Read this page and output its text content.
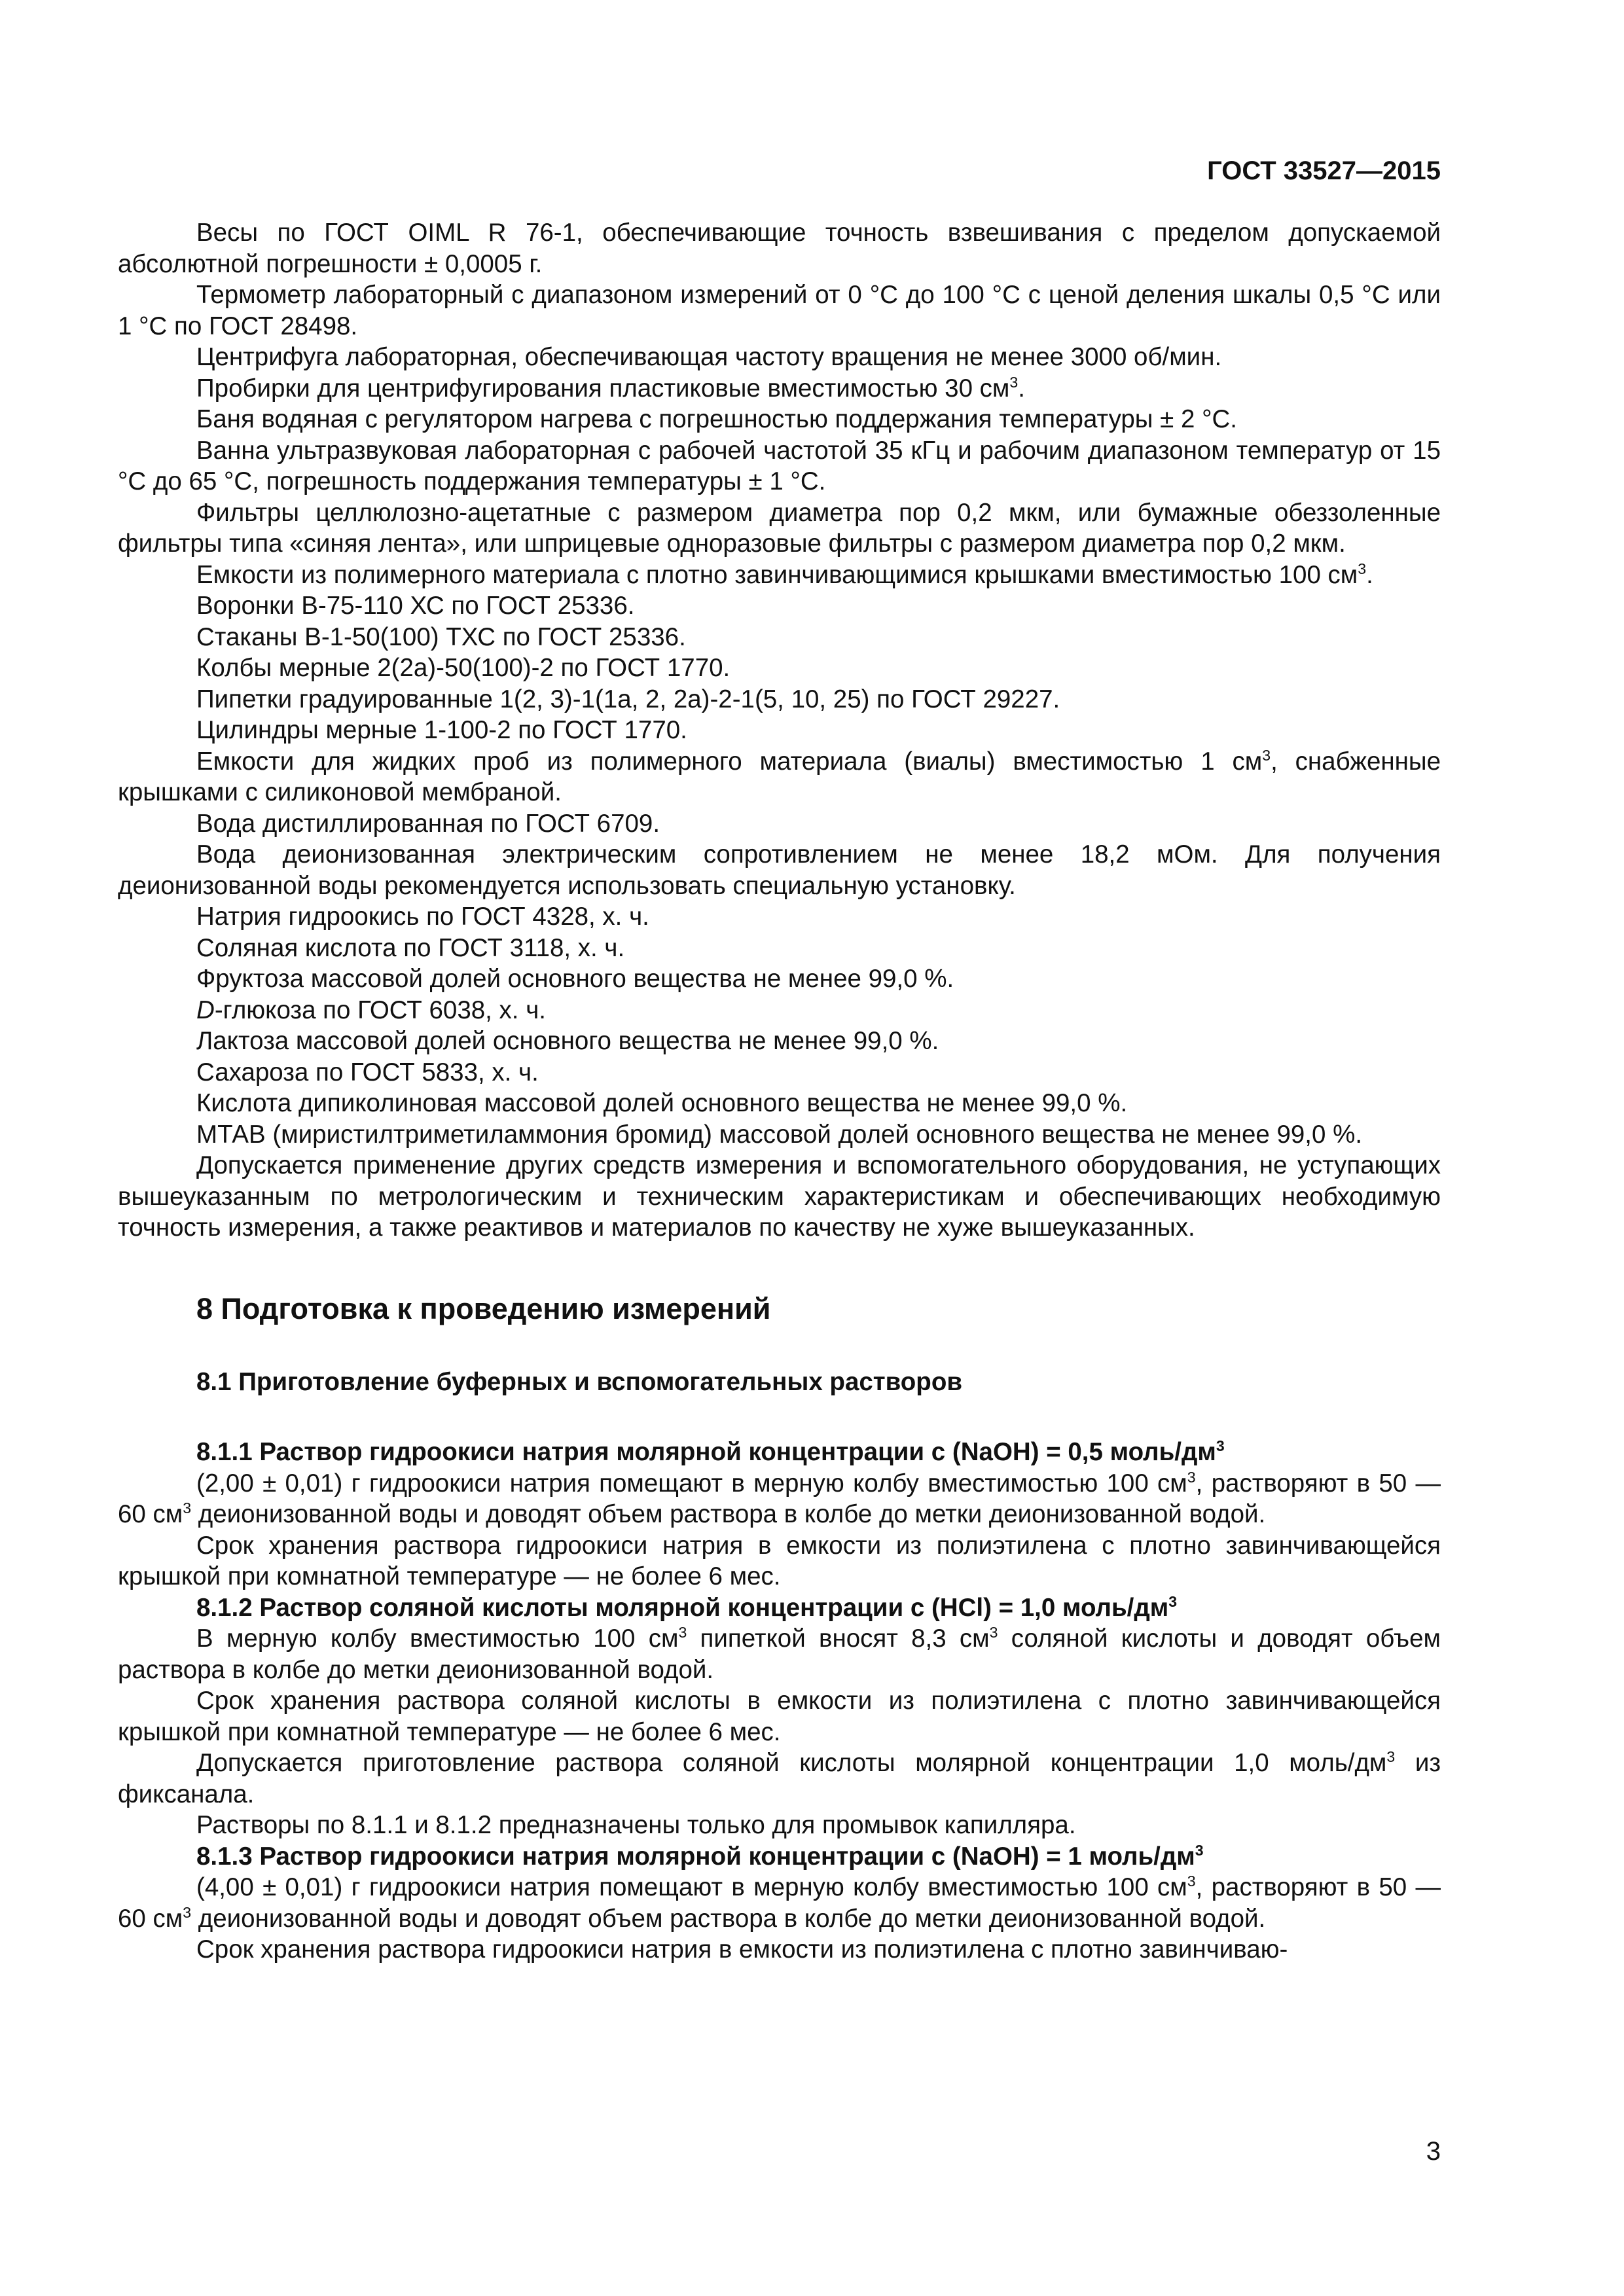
ГОСТ 33527—2015

Весы по ГОСТ OIML R 76-1, обеспечивающие точность взвешивания с пределом допускаемой абсолютной погрешности ± 0,0005 г.

Термометр лабораторный с диапазоном измерений от 0 °С до 100 °С с ценой деления шкалы 0,5 °С или 1 °С по ГОСТ 28498.

Центрифуга лабораторная, обеспечивающая частоту вращения не менее 3000 об/мин.

Пробирки для центрифугирования пластиковые вместимостью 30 $см^3$.

Баня водяная с регулятором нагрева с погрешностью поддержания температуры ± 2 °С.

Ванна ультразвуковая лабораторная с рабочей частотой 35 кГц и рабочим диапазоном температур от 15 °С до 65 °С, погрешность поддержания температуры ± 1 °С.

Фильтры целлюлозно-ацетатные с размером диаметра пор 0,2 мкм, или бумажные обеззоленные фильтры типа «синяя лента», или шприцевые одноразовые фильтры с размером диаметра пор 0,2 мкм.

Емкости из полимерного материала с плотно завинчивающимися крышками вместимостью 100 $см^3$.

Воронки В-75-110 ХС по ГОСТ 25336.

Стаканы В-1-50(100) ТХС по ГОСТ 25336.

Колбы мерные 2(2а)-50(100)-2 по ГОСТ 1770.

Пипетки градуированные 1(2, 3)-1(1а, 2, 2а)-2-1(5, 10, 25) по ГОСТ 29227.

Цилиндры мерные 1-100-2 по ГОСТ 1770.

Емкости для жидких проб из полимерного материала (виалы) вместимостью 1 $см^3$, снабженные крышками с силиконовой мембраной.

Вода дистиллированная по ГОСТ 6709.

Вода деионизованная электрическим сопротивлением не менее 18,2 мОм. Для получения деионизованной воды рекомендуется использовать специальную установку.

Натрия гидроокись по ГОСТ 4328, х. ч.

Соляная кислота по ГОСТ 3118, х. ч.

Фруктоза массовой долей основного вещества не менее 99,0 %.

D-глюкоза по ГОСТ 6038, х. ч.

Лактоза массовой долей основного вещества не менее 99,0 %.

Сахароза по ГОСТ 5833, х. ч.

Кислота дипиколиновая массовой долей основного вещества не менее 99,0 %.

МТАВ (миристилтриметиламмония бромид) массовой долей основного вещества не менее 99,0 %.

Допускается применение других средств измерения и вспомогательного оборудования, не уступающих вышеуказанным по метрологическим и техническим характеристикам и обеспечивающих необходимую точность измерения, а также реактивов и материалов по качеству не хуже вышеуказанных.

8 Подготовка к проведению измерений
8.1 Приготовление буферных и вспомогательных растворов
8.1.1 Раствор гидроокиси натрия молярной концентрации с (NaOH) = 0,5 моль/$дм^3$

(2,00 ± 0,01) г гидроокиси натрия помещают в мерную колбу вместимостью 100 $см^3$, растворяют в 50 — 60 $см^3$ деионизованной воды и доводят объем раствора в колбе до метки деионизованной водой.

Срок хранения раствора гидроокиси натрия в емкости из полиэтилена с плотно завинчивающейся крышкой при комнатной температуре — не более 6 мес.

8.1.2 Раствор соляной кислоты молярной концентрации с (HCl) = 1,0 моль/$дм^3$

В мерную колбу вместимостью 100 $см^3$ пипеткой вносят 8,3 $см^3$ соляной кислоты и доводят объем раствора в колбе до метки деионизованной водой.

Срок хранения раствора соляной кислоты в емкости из полиэтилена с плотно завинчивающейся крышкой при комнатной температуре — не более 6 мес.

Допускается приготовление раствора соляной кислоты молярной концентрации 1,0 моль/$дм^3$ из фиксанала.

Растворы по 8.1.1 и 8.1.2 предназначены только для промывок капилляра.

8.1.3 Раствор гидроокиси натрия молярной концентрации с (NaOH) = 1 моль/$дм^3$

(4,00 ± 0,01) г гидроокиси натрия помещают в мерную колбу вместимостью 100 $см^3$, растворяют в 50 — 60 $см^3$ деионизованной воды и доводят объем раствора в колбе до метки деионизованной водой.

Срок хранения раствора гидроокиси натрия в емкости из полиэтилена с плотно завинчиваю-

3
